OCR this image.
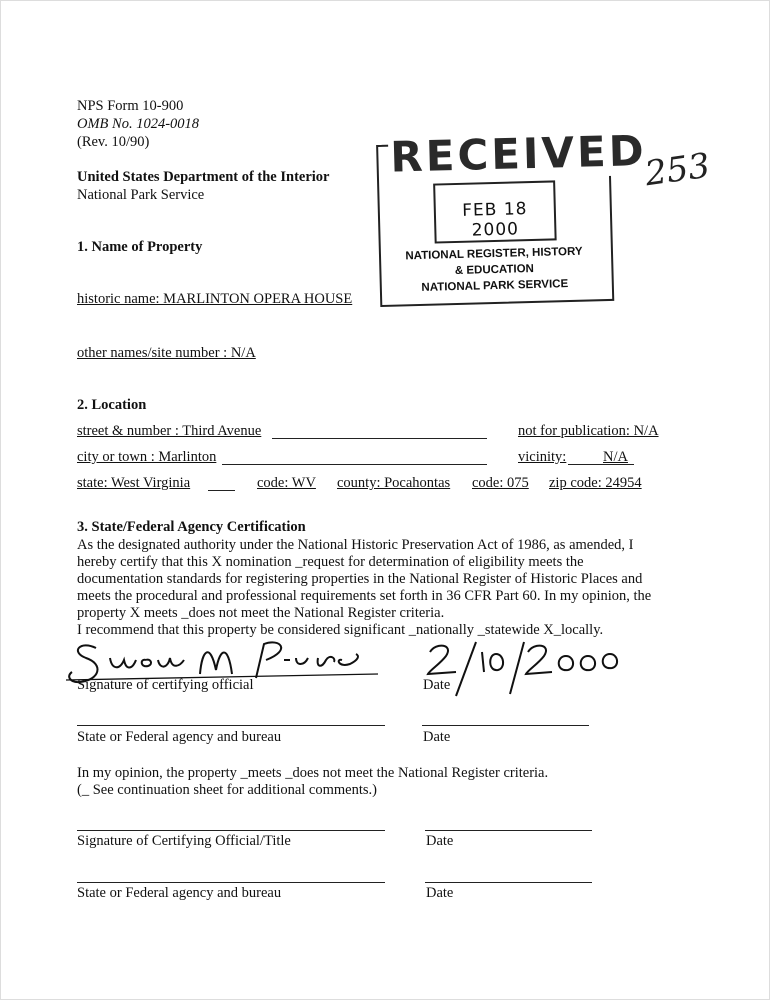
NPS Form 10-900
OMB No. 1024-0018
(Rev. 10/90)
United States Department of the Interior
National Park Service
RECEIVED
FEB 18 2000
NATIONAL REGISTER, HISTORY
& EDUCATION
NATIONAL PARK SERVICE
253
1. Name of Property
historic name: MARLINTON OPERA HOUSE
other names/site number : N/A
2. Location
street & number : Third Avenue	not for publication: N/A
city or town : Marlinton	vicinity:	N/A
state: West Virginia	code: WV county: Pocahontas code: 075 zip code: 24954
3. State/Federal Agency Certification
As the designated authority under the National Historic Preservation Act of 1986, as amended, I
hereby certify that this X nomination _request for determination of eligibility meets the
documentation standards for registering properties in the National Register of Historic Places and
meets the procedural and professional requirements set forth in 36 CFR Part 60. In my opinion, the
property X meets _does not meet the National Register criteria.
I recommend that this property be considered significant _nationally _statewide X_locally.
Signature of certifying official	Date
State or Federal agency and bureau	Date
In my opinion, the property _meets _does not meet the National Register criteria.
(_ See continuation sheet for additional comments.)
Signature of Certifying Official/Title	Date
State or Federal agency and bureau	Date
